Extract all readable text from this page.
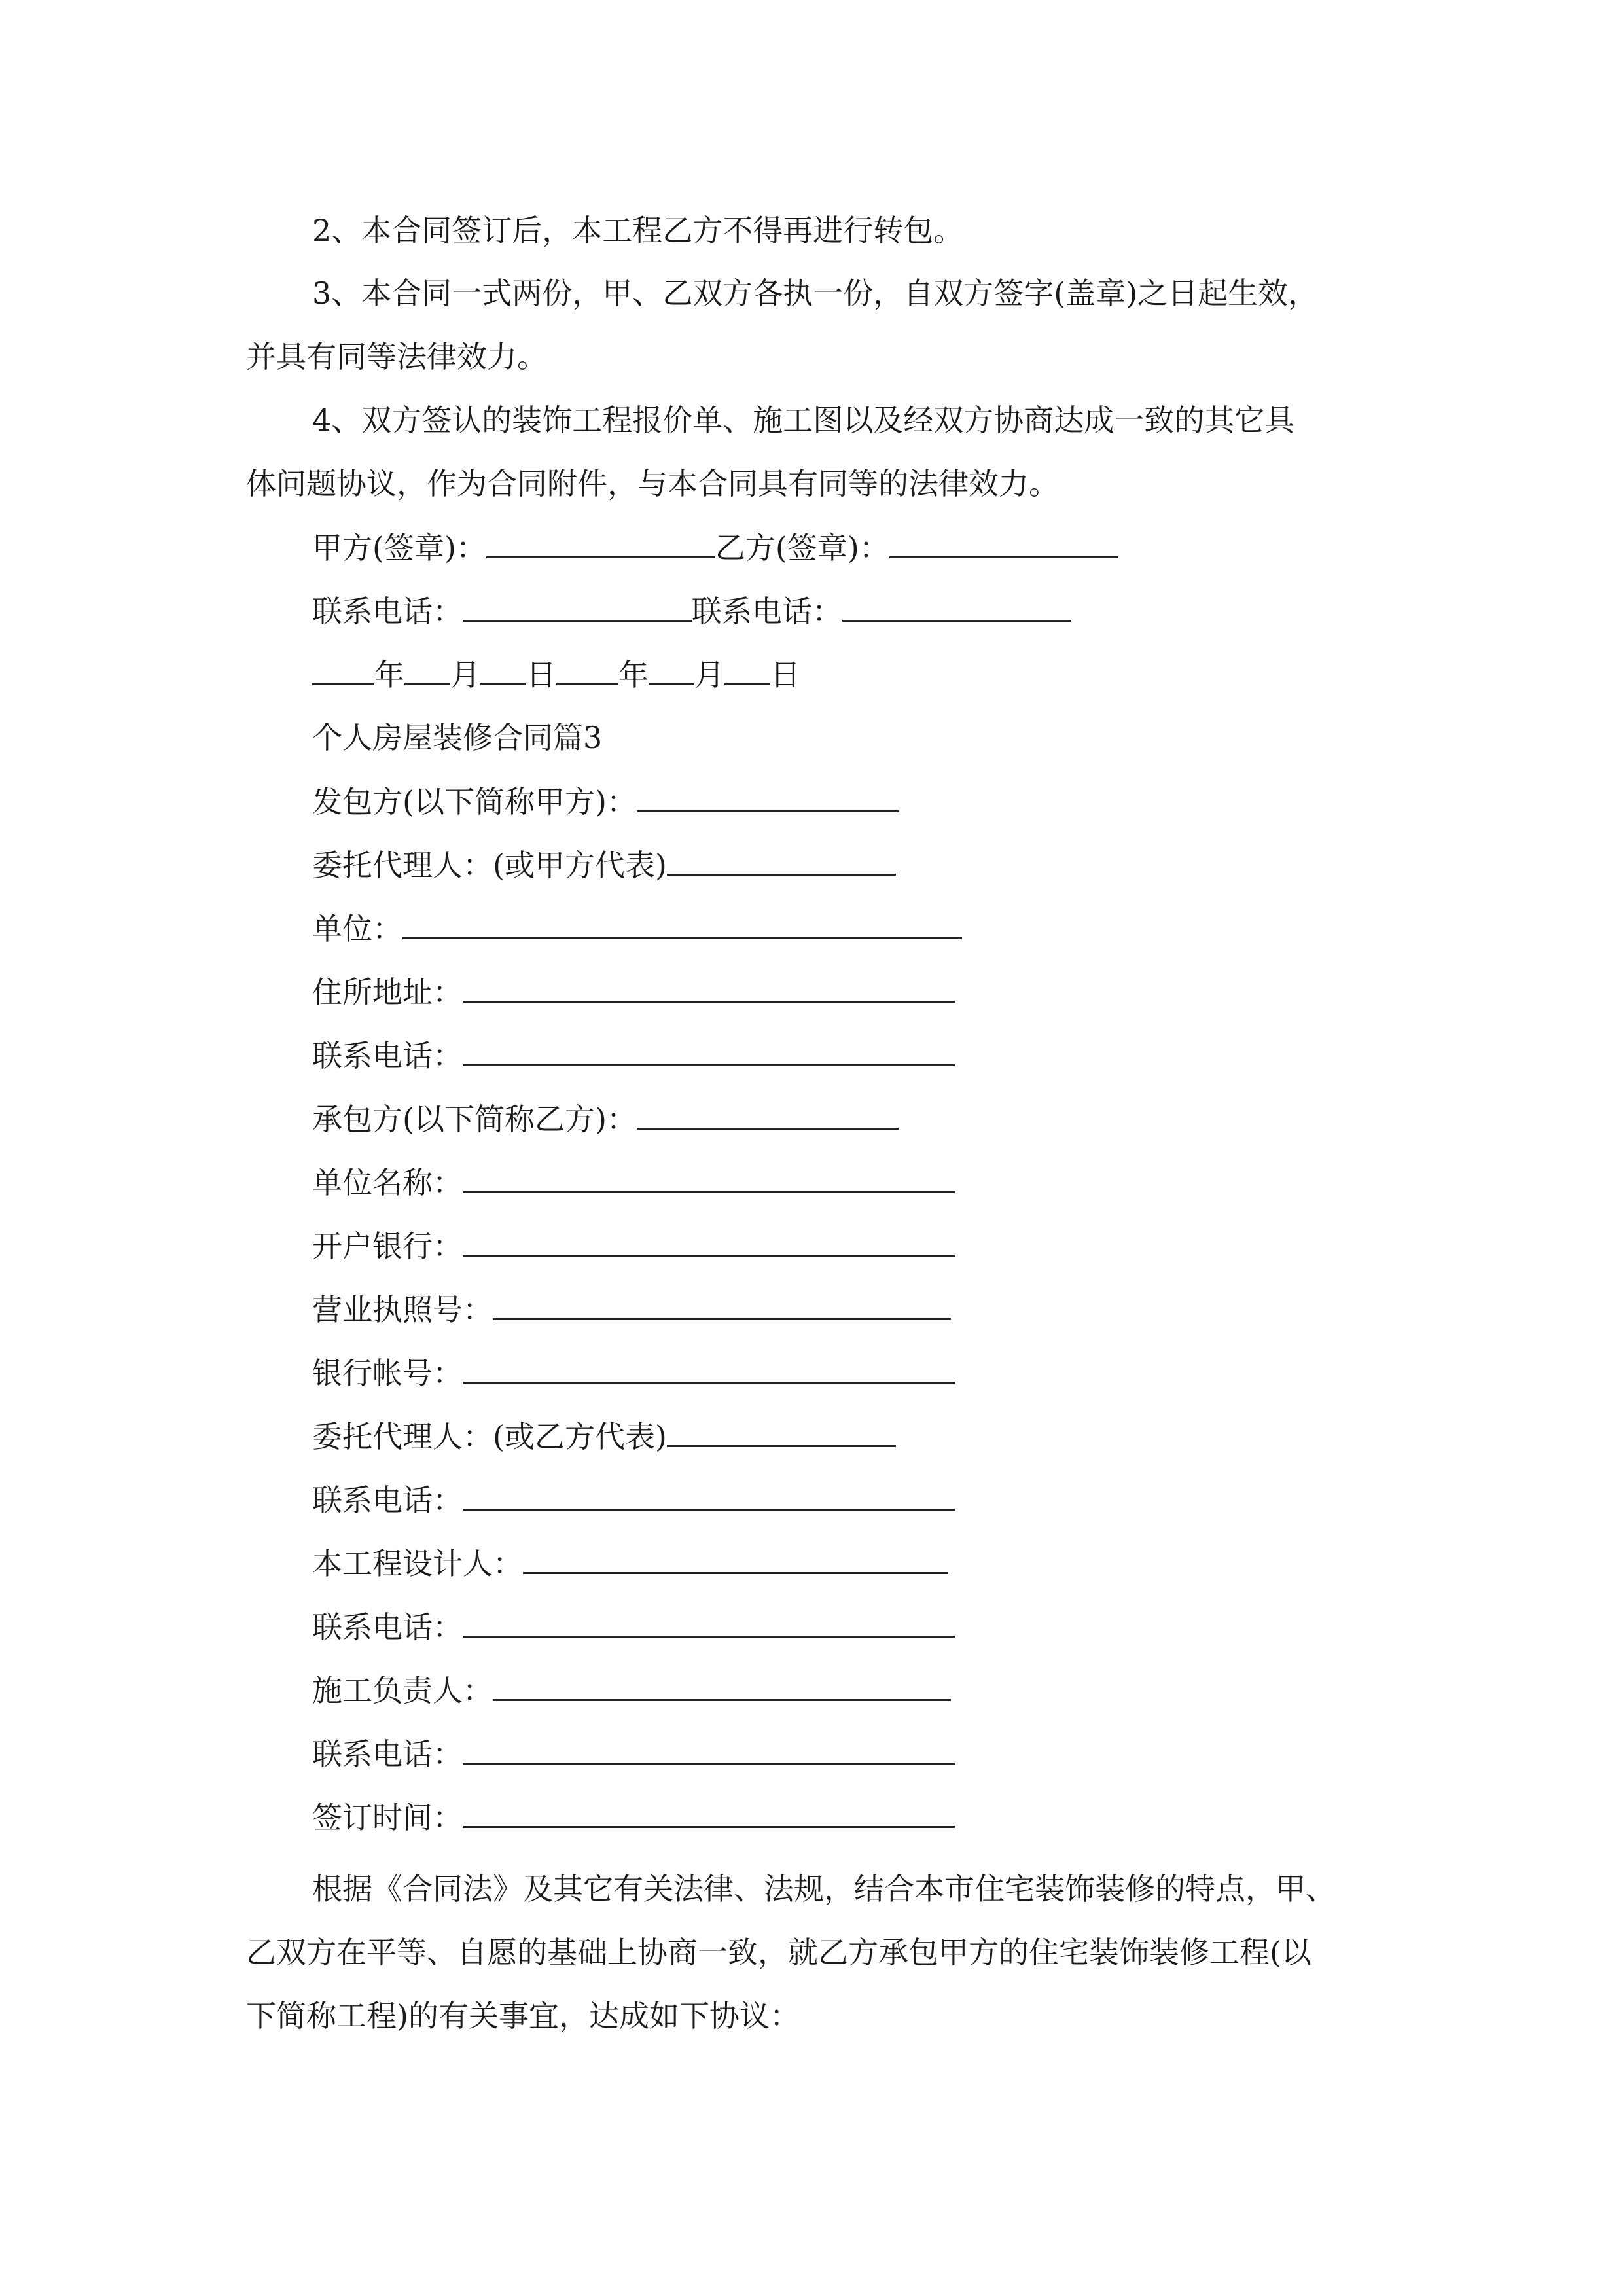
2、本合同签订后，本工程乙方不得再进行转包。
3、本合同一式两份，甲、乙双方各执一份，自双方签字(盖章)之日起生效，
并具有同等法律效力。
4、双方签认的装饰工程报价单、施工图以及经双方协商达成一致的其它具
体问题协议，作为合同附件，与本合同具有同等的法律效力。
甲方(签章)：	乙方(签章)：
联系电话：	联系电话：
年 月 日 年 月 日
个人房屋装修合同篇3
发包方(以下简称甲方)：
委托代理人：(或甲方代表)
单位：
住所地址：
联系电话：
承包方(以下简称乙方)：
单位名称：
开户银行：
营业执照号：
银行帐号：
委托代理人：(或乙方代表)
联系电话：
本工程设计人：
联系电话：
施工负责人：
联系电话：
签订时间：
根据《合同法》及其它有关法律、法规，结合本市住宅装饰装修的特点，甲、
乙双方在平等、自愿的基础上协商一致，就乙方承包甲方的住宅装饰装修工程(以
下简称工程)的有关事宜，达成如下协议：
